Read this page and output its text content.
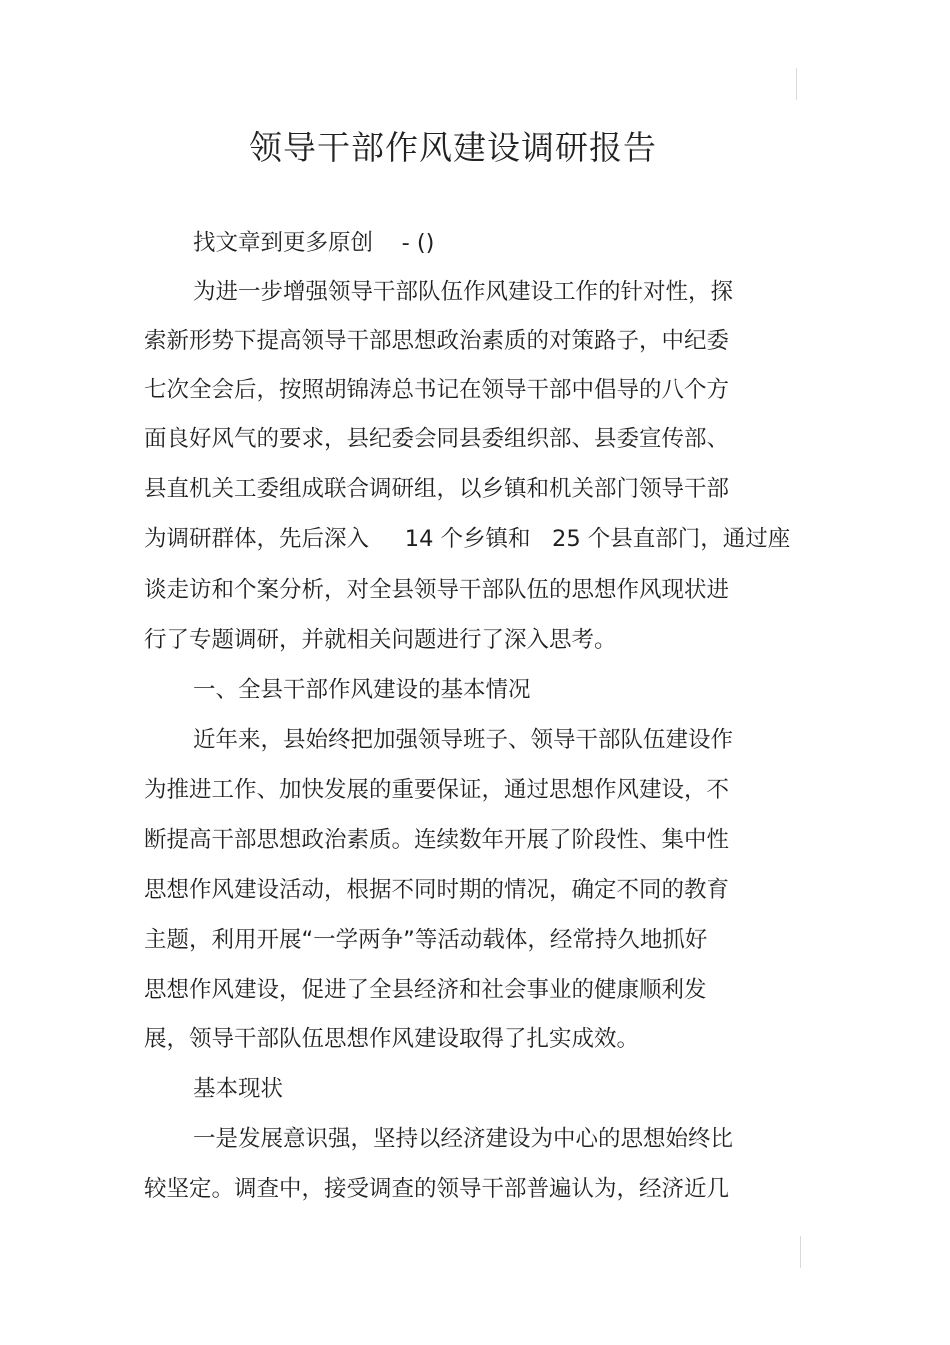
领导干部作风建设调研报告
找文章到更多原创    - ()
为进一步增强领导干部队伍作风建设工作的针对性，探
索新形势下提高领导干部思想政治素质的对策路子，中纪委
七次全会后，按照胡锦涛总书记在领导干部中倡导的八个方
面良好风气的要求，县纪委会同县委组织部、县委宣传部、
县直机关工委组成联合调研组，以乡镇和机关部门领导干部
为调研群体，先后深入     14 个乡镇和   25 个县直部门，通过座
谈走访和个案分析，对全县领导干部队伍的思想作风现状进
行了专题调研，并就相关问题进行了深入思考。
一、全县干部作风建设的基本情况
近年来，县始终把加强领导班子、领导干部队伍建设作
为推进工作、加快发展的重要保证，通过思想作风建设，不
断提高干部思想政治素质。连续数年开展了阶段性、集中性
思想作风建设活动，根据不同时期的情况，确定不同的教育
主题，利用开展“一学两争”等活动载体，经常持久地抓好
思想作风建设，促进了全县经济和社会事业的健康顺利发
展，领导干部队伍思想作风建设取得了扎实成效。
基本现状
一是发展意识强，坚持以经济建设为中心的思想始终比
较坚定。调查中，接受调查的领导干部普遍认为，经济近几
